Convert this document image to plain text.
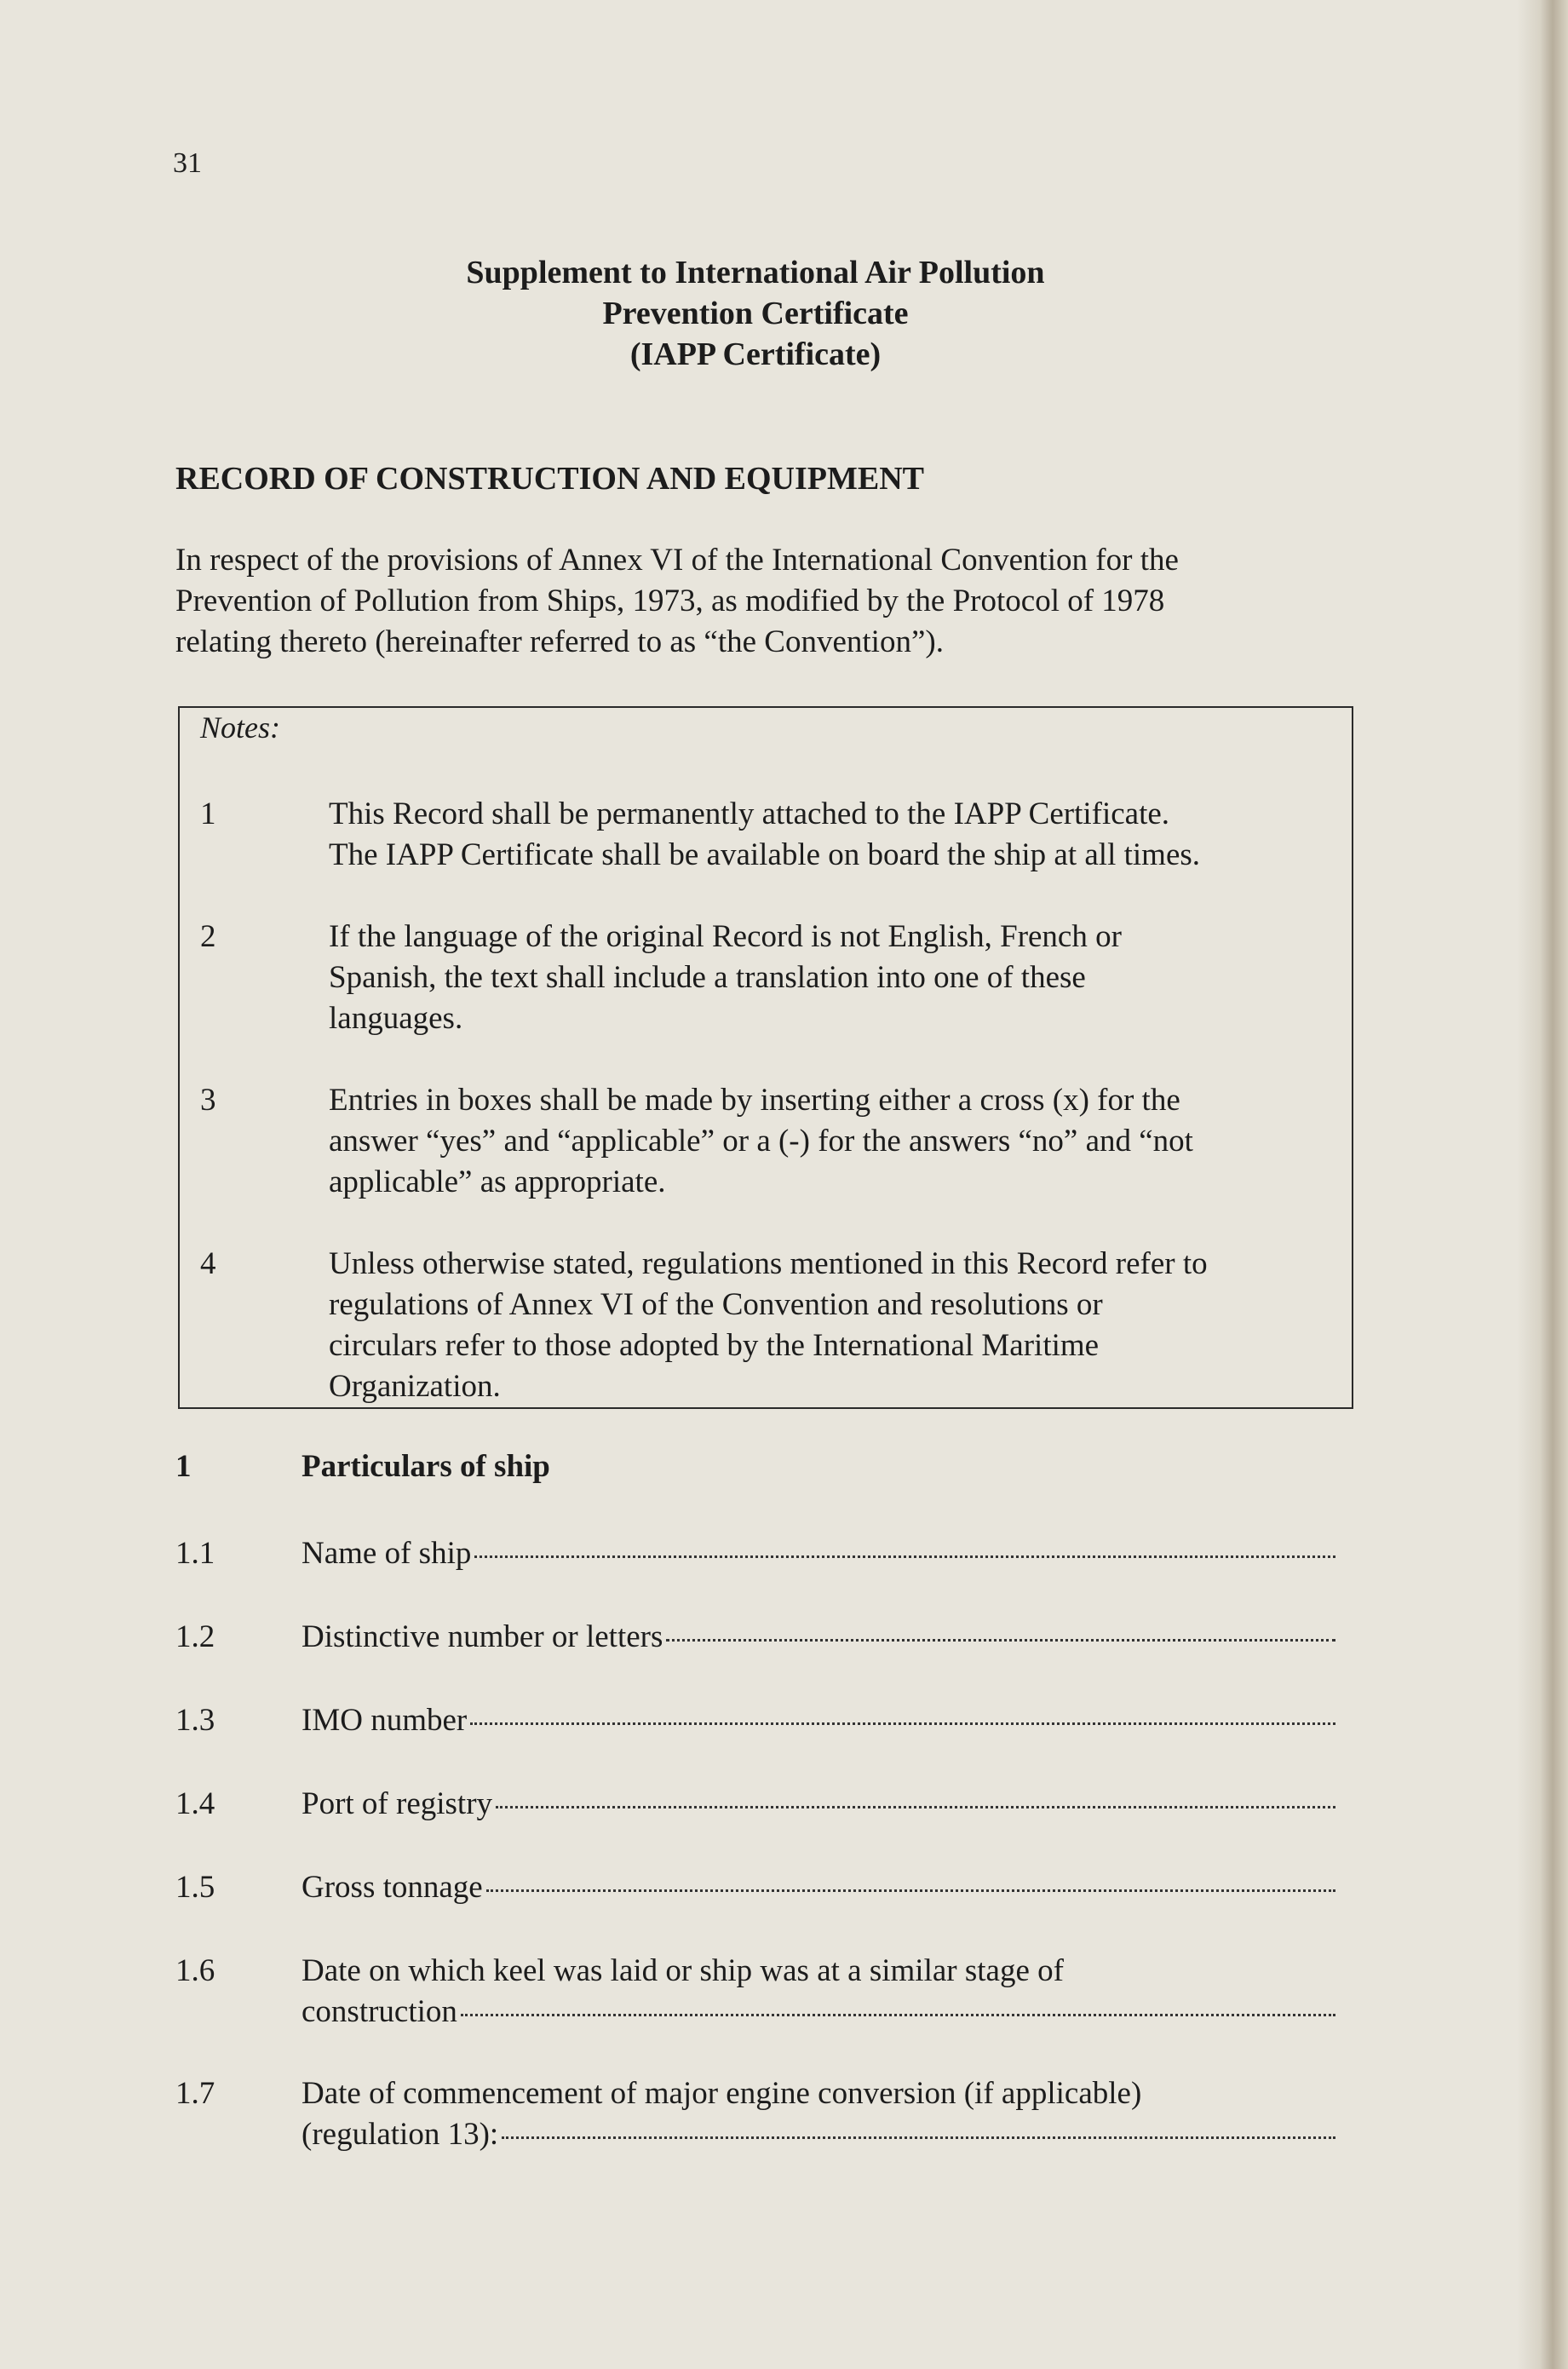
31
Supplement to International Air Pollution
Prevention Certificate
(IAPP Certificate)
RECORD OF CONSTRUCTION AND EQUIPMENT
In respect of the provisions of Annex VI of the International Convention for the
Prevention of Pollution from Ships, 1973, as modified by the Protocol of 1978
relating thereto (hereinafter referred to as “the Convention”).
Notes:
1	This Record shall be permanently attached to the IAPP Certificate.
The IAPP Certificate shall be available on board the ship at all times.
2	If the language of the original Record is not English, French or
Spanish, the text shall include a translation into one of these
languages.
3	Entries in boxes shall be made by inserting either a cross (x) for the
answer “yes” and “applicable” or a (-) for the answers “no” and “not
applicable” as appropriate.
4	Unless otherwise stated, regulations mentioned in this Record refer to
regulations of Annex VI of the Convention and resolutions or
circulars refer to those adopted by the International Maritime
Organization.
1	Particulars of ship
1.1	Name of ship
1.2	Distinctive number or letters
1.3	IMO number
1.4	Port of registry
1.5	Gross tonnage
1.6	Date on which keel was laid or ship was at a similar stage of
construction
1.7	Date of commencement of major engine conversion (if applicable)
(regulation 13):
